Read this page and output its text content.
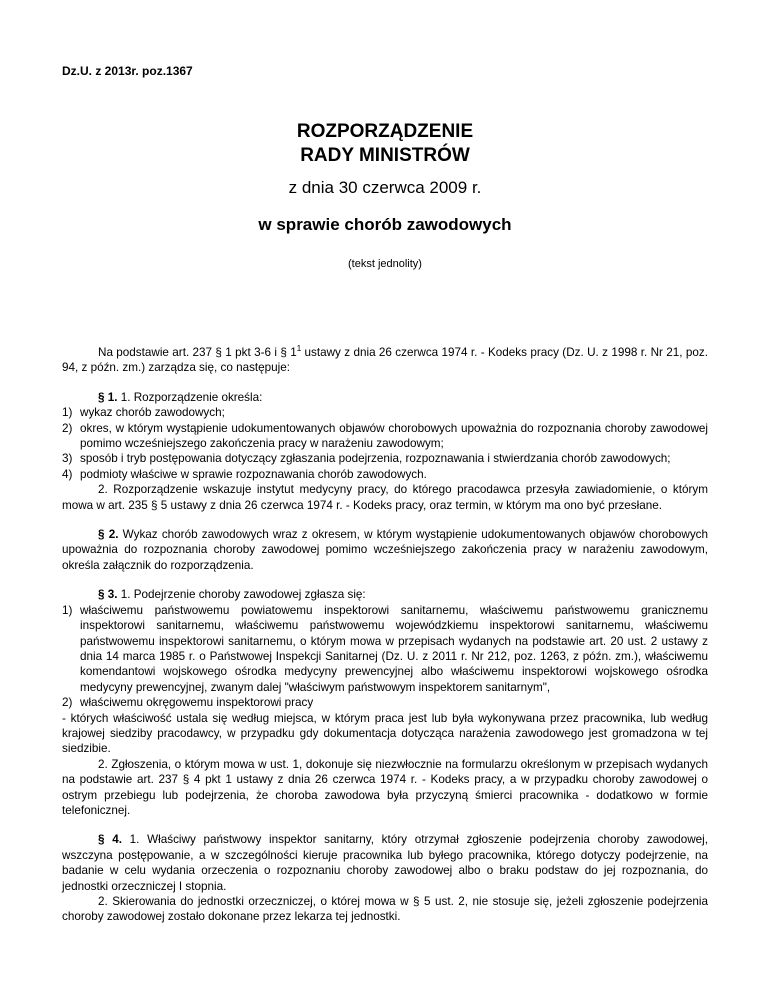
Dz.U. z 2013r. poz.1367
ROZPORZĄDZENIE
RADY MINISTRÓW
z dnia 30 czerwca 2009 r.
w sprawie chorób zawodowych
(tekst jednolity)

Na podstawie art. 237 § 1 pkt 3-6 i § $1^1$ ustawy z dnia 26 czerwca 1974 r. - Kodeks pracy (Dz. U. z 1998 r. Nr 21, poz. 94, z późn. zm.) zarządza się, co następuje:

§ 1. 1. Rozporządzenie określa:

1) wykaz chorób zawodowych;

2) okres, w którym wystąpienie udokumentowanych objawów chorobowych upoważnia do rozpoznania choroby zawodowej pomimo wcześniejszego zakończenia pracy w narażeniu zawodowym;

3) sposób i tryb postępowania dotyczący zgłaszania podejrzenia, rozpoznawania i stwierdzania chorób zawodowych;

4) podmioty właściwe w sprawie rozpoznawania chorób zawodowych.

2. Rozporządzenie wskazuje instytut medycyny pracy, do którego pracodawca przesyła zawiadomienie, o którym mowa w art. 235 § 5 ustawy z dnia 26 czerwca 1974 r. - Kodeks pracy, oraz termin, w którym ma ono być przesłane.

§ 2. Wykaz chorób zawodowych wraz z okresem, w którym wystąpienie udokumentowanych objawów chorobowych upoważnia do rozpoznania choroby zawodowej pomimo wcześniejszego zakończenia pracy w narażeniu zawodowym, określa załącznik do rozporządzenia.

§ 3. 1. Podejrzenie choroby zawodowej zgłasza się:

1) właściwemu państwowemu powiatowemu inspektorowi sanitarnemu, właściwemu państwowemu granicznemu inspektorowi sanitarnemu, właściwemu państwowemu wojewódzkiemu inspektorowi sanitarnemu, właściwemu państwowemu inspektorowi sanitarnemu, o którym mowa w przepisach wydanych na podstawie art. 20 ust. 2 ustawy z dnia 14 marca 1985 r. o Państwowej Inspekcji Sanitarnej (Dz. U. z 2011 r. Nr 212, poz. 1263, z późn. zm.), właściwemu komendantowi wojskowego ośrodka medycyny prewencyjnej albo właściwemu inspektorowi wojskowego ośrodka medycyny prewencyjnej, zwanym dalej "właściwym państwowym inspektorem sanitarnym",

2) właściwemu okręgowemu inspektorowi pracy

- których właściwość ustala się według miejsca, w którym praca jest lub była wykonywana przez pracownika, lub według krajowej siedziby pracodawcy, w przypadku gdy dokumentacja dotycząca narażenia zawodowego jest gromadzona w tej siedzibie.

2. Zgłoszenia, o którym mowa w ust. 1, dokonuje się niezwłocznie na formularzu określonym w przepisach wydanych na podstawie art. 237 § 4 pkt 1 ustawy z dnia 26 czerwca 1974 r. - Kodeks pracy, a w przypadku choroby zawodowej o ostrym przebiegu lub podejrzenia, że choroba zawodowa była przyczyną śmierci pracownika - dodatkowo w formie telefonicznej.

§ 4. 1. Właściwy państwowy inspektor sanitarny, który otrzymał zgłoszenie podejrzenia choroby zawodowej, wszczyna postępowanie, a w szczególności kieruje pracownika lub byłego pracownika, którego dotyczy podejrzenie, na badanie w celu wydania orzeczenia o rozpoznaniu choroby zawodowej albo o braku podstaw do jej rozpoznania, do jednostki orzeczniczej I stopnia.

2. Skierowania do jednostki orzeczniczej, o której mowa w § 5 ust. 2, nie stosuje się, jeżeli zgłoszenie podejrzenia choroby zawodowej zostało dokonane przez lekarza tej jednostki.
